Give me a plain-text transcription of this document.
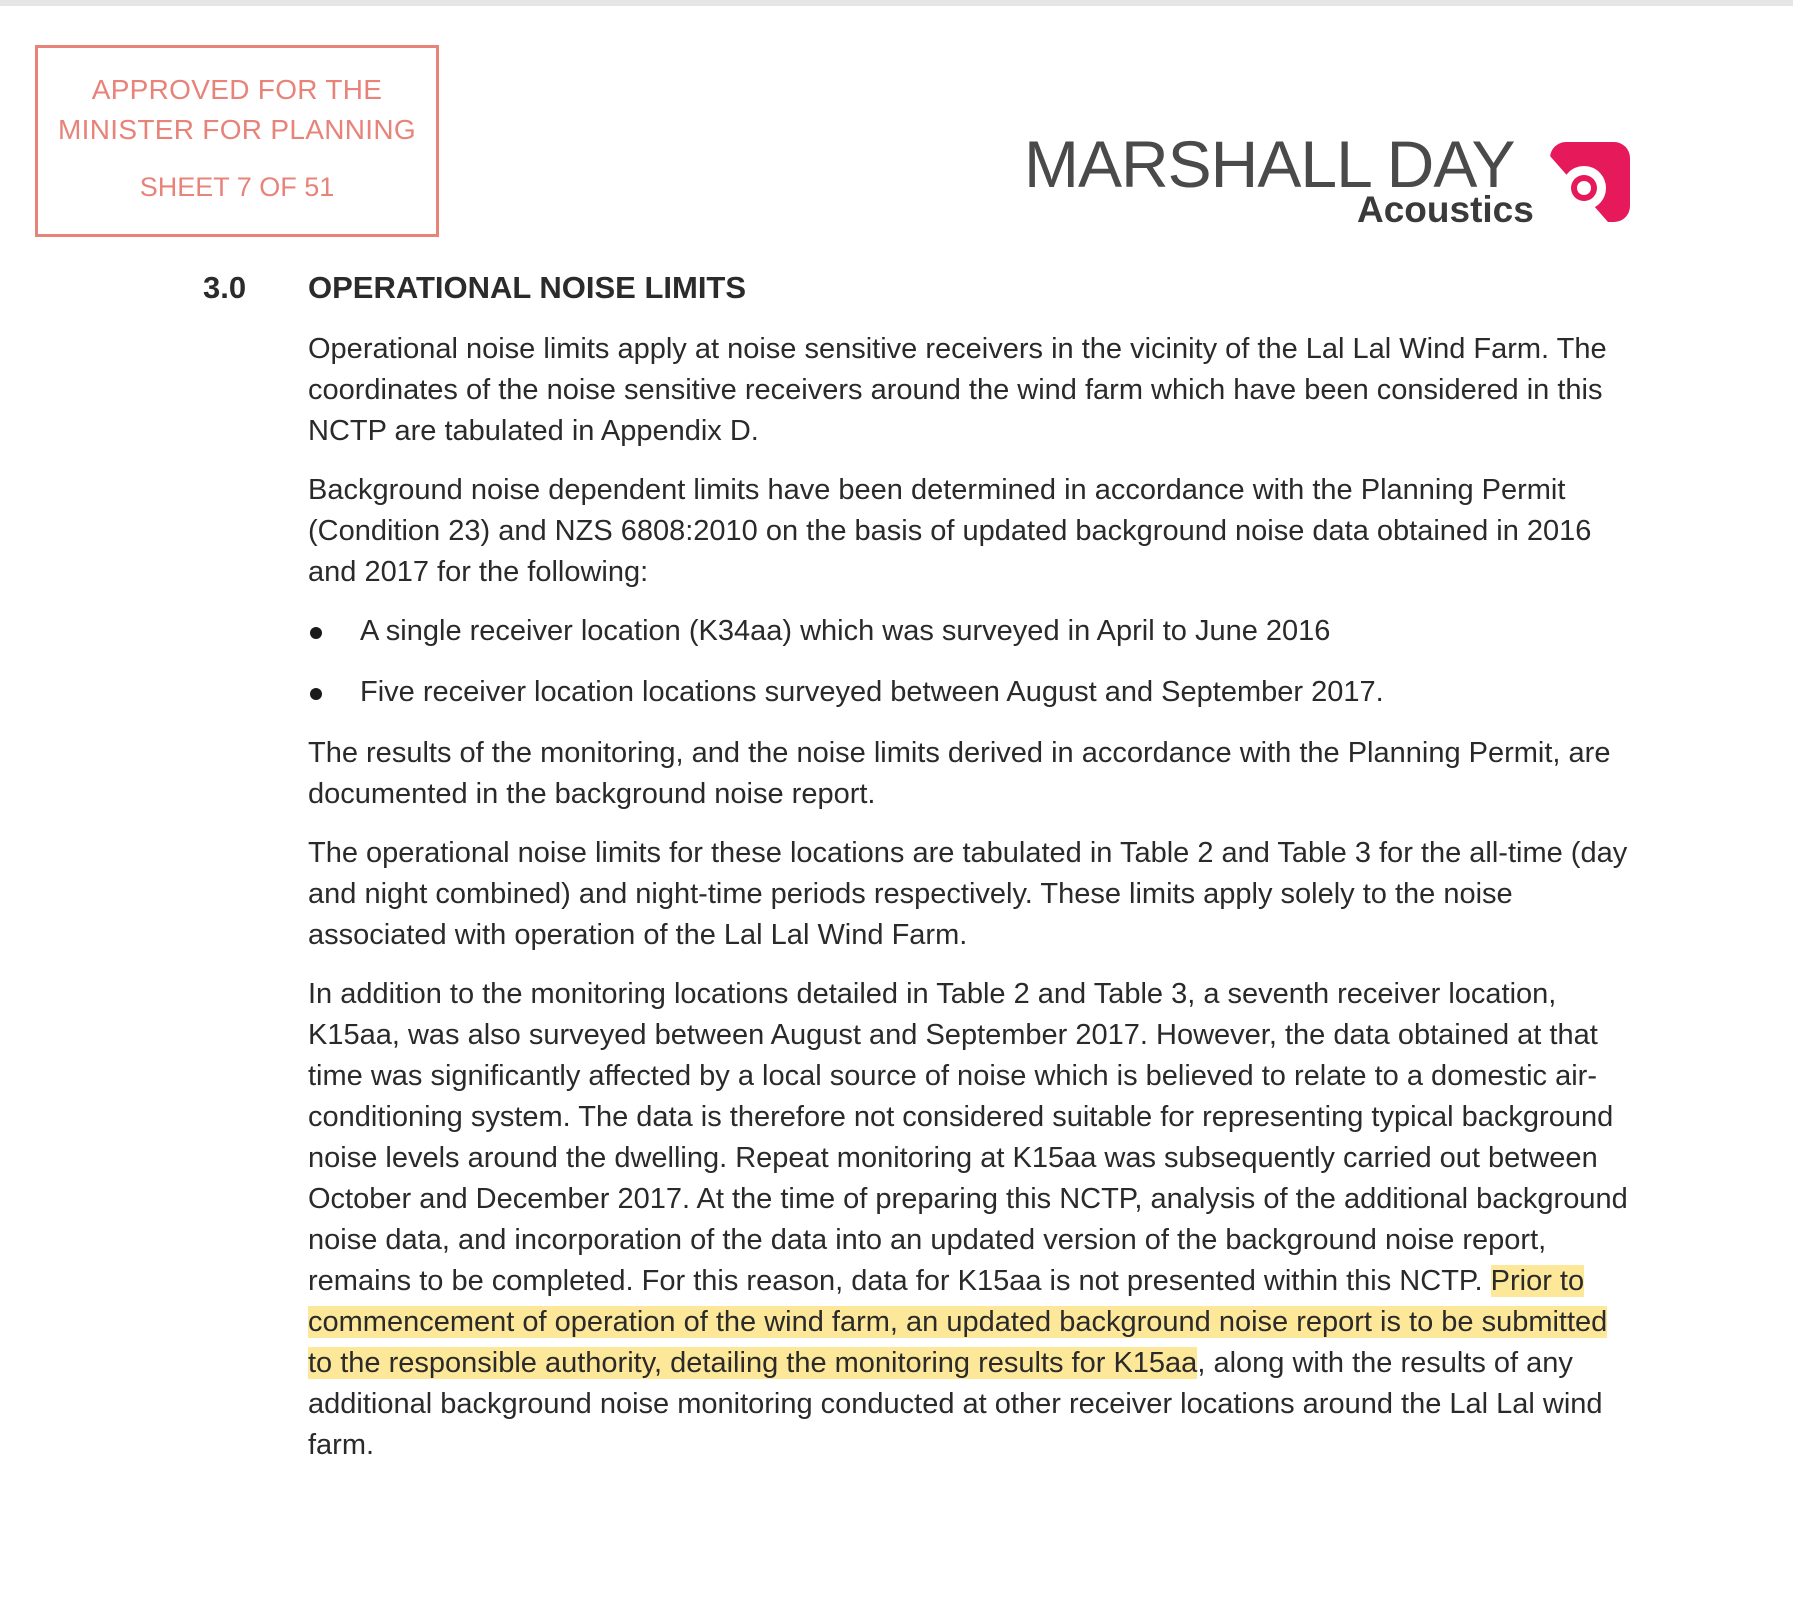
APPROVED FOR THE
MINISTER FOR PLANNING
SHEET 7 OF 51	MARSHALL DAY
Acoustics
3.0 OPERATIONAL NOISE LIMITS

Operational noise limits apply at noise sensitive receivers in the vicinity of the Lal Lal Wind Farm. The coordinates of the noise sensitive receivers around the wind farm which have been considered in this NCTP are tabulated in Appendix D.

Background noise dependent limits have been determined in accordance with the Planning Permit (Condition 23) and NZS 6808:2010 on the basis of updated background noise data obtained in 2016 and 2017 for the following:

A single receiver location (K34aa) which was surveyed in April to June 2016
Five receiver location locations surveyed between August and September 2017.

The results of the monitoring, and the noise limits derived in accordance with the Planning Permit, are documented in the background noise report.

The operational noise limits for these locations are tabulated in Table 2 and Table 3 for the all-time (day and night combined) and night-time periods respectively. These limits apply solely to the noise associated with operation of the Lal Lal Wind Farm.

In addition to the monitoring locations detailed in Table 2 and Table 3, a seventh receiver location, K15aa, was also surveyed between August and September 2017. However, the data obtained at that time was significantly affected by a local source of noise which is believed to relate to a domestic air-conditioning system. The data is therefore not considered suitable for representing typical background noise levels around the dwelling. Repeat monitoring at K15aa was subsequently carried out between October and December 2017. At the time of preparing this NCTP, analysis of the additional background noise data, and incorporation of the data into an updated version of the background noise report, remains to be completed. For this reason, data for K15aa is not presented within this NCTP. Prior to commencement of operation of the wind farm, an updated background noise report is to be submitted to the responsible authority, detailing the monitoring results for K15aa, along with the results of any additional background noise monitoring conducted at other receiver locations around the Lal Lal wind farm.
